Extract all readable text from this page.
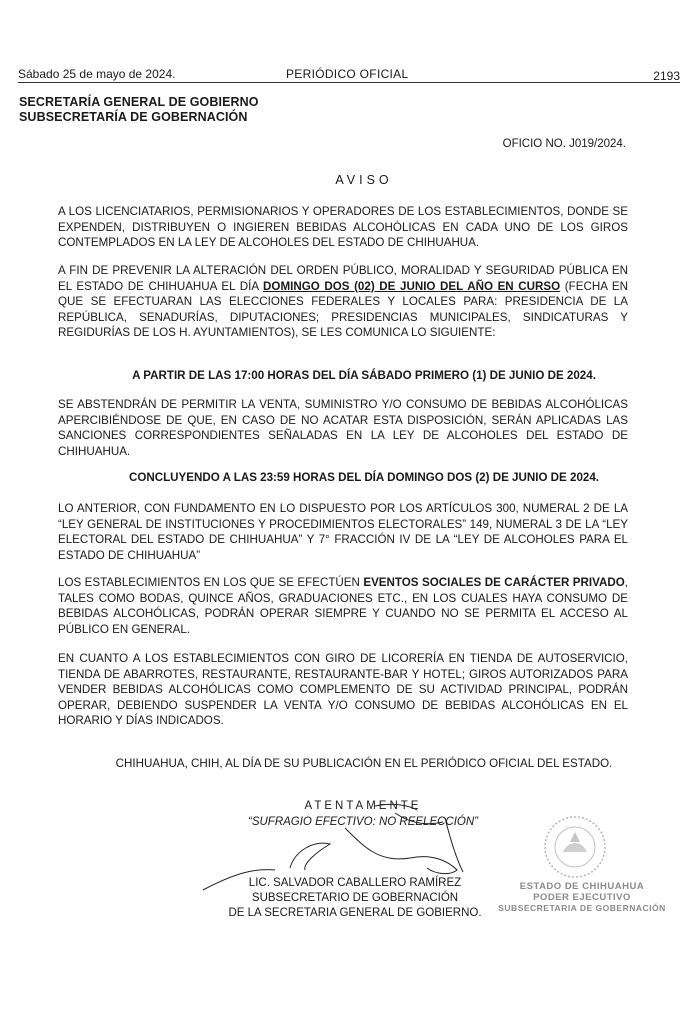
Sábado 25 de mayo de 2024.	PERIÓDICO OFICIAL	2193
SECRETARÍA GENERAL DE GOBIERNO
SUBSECRETARÍA DE GOBERNACIÓN
OFICIO NO. J019/2024.
AVISO
A LOS LICENCIATARIOS, PERMISIONARIOS Y OPERADORES DE LOS ESTABLECIMIENTOS, DONDE SE EXPENDEN, DISTRIBUYEN O INGIEREN BEBIDAS ALCOHÓLICAS EN CADA UNO DE LOS GIROS CONTEMPLADOS EN LA LEY DE ALCOHOLES DEL ESTADO DE CHIHUAHUA.
A FIN DE PREVENIR LA ALTERACIÓN DEL ORDEN PÚBLICO, MORALIDAD Y SEGURIDAD PÚBLICA EN EL ESTADO DE CHIHUAHUA EL DÍA DOMINGO DOS (02) DE JUNIO DEL AÑO EN CURSO (FECHA EN QUE SE EFECTUARAN LAS ELECCIONES FEDERALES Y LOCALES PARA: PRESIDENCIA DE LA REPÚBLICA, SENADURÍAS, DIPUTACIONES; PRESIDENCIAS MUNICIPALES, SINDICATURAS Y REGIDURÍAS DE LOS H. AYUNTAMIENTOS), SE LES COMUNICA LO SIGUIENTE:
A PARTIR DE LAS 17:00 HORAS DEL DÍA SÁBADO PRIMERO (1) DE JUNIO DE 2024.
SE ABSTENDRÁN DE PERMITIR LA VENTA, SUMINISTRO Y/O CONSUMO DE BEBIDAS ALCOHÓLICAS APERCIBIÉNDOSE DE QUE, EN CASO DE NO ACATAR ESTA DISPOSICIÓN, SERÁN APLICADAS LAS SANCIONES CORRESPONDIENTES SEÑALADAS EN LA LEY DE ALCOHOLES DEL ESTADO DE CHIHUAHUA.
CONCLUYENDO A LAS 23:59 HORAS DEL DÍA DOMINGO DOS (2) DE JUNIO DE 2024.
LO ANTERIOR, CON FUNDAMENTO EN LO DISPUESTO POR LOS ARTÍCULOS 300, NUMERAL 2 DE LA “LEY GENERAL DE INSTITUCIONES Y PROCEDIMIENTOS ELECTORALES” 149, NUMERAL 3 DE LA “LEY ELECTORAL DEL ESTADO DE CHIHUAHUA” Y 7° FRACCIÓN IV DE LA “LEY DE ALCOHOLES PARA EL ESTADO DE CHIHUAHUA”
LOS ESTABLECIMIENTOS EN LOS QUE SE EFECTÚEN EVENTOS SOCIALES DE CARÁCTER PRIVADO, TALES COMO BODAS, QUINCE AÑOS, GRADUACIONES ETC., EN LOS CUALES HAYA CONSUMO DE BEBIDAS ALCOHÓLICAS, PODRÁN OPERAR SIEMPRE Y CUANDO NO SE PERMITA EL ACCESO AL PÚBLICO EN GENERAL.
EN CUANTO A LOS ESTABLECIMIENTOS CON GIRO DE LICORERÍA EN TIENDA DE AUTOSERVICIO, TIENDA DE ABARROTES, RESTAURANTE, RESTAURANTE-BAR Y HOTEL; GIROS AUTORIZADOS PARA VENDER BEBIDAS ALCOHÓLICAS COMO COMPLEMENTO DE SU ACTIVIDAD PRINCIPAL, PODRÁN OPERAR, DEBIENDO SUSPENDER LA VENTA Y/O CONSUMO DE BEBIDAS ALCOHÓLICAS EN EL HORARIO Y DÍAS INDICADOS.
CHIHUAHUA, CHIH, AL DÍA DE SU PUBLICACIÓN EN EL PERIÓDICO OFICIAL DEL ESTADO.
ATENTAMENTE
“SUFRAGIO EFECTIVO: NO REELECCIÓN”
LIC. SALVADOR CABALLERO RAMÍREZ
SUBSECRETARIO DE GOBERNACIÓN
DE LA SECRETARIA GENERAL DE GOBIERNO.
ESTADO DE CHIHUAHUA
PODER EJECUTIVO
SUBSECRETARIA DE GOBERNACIÓN
